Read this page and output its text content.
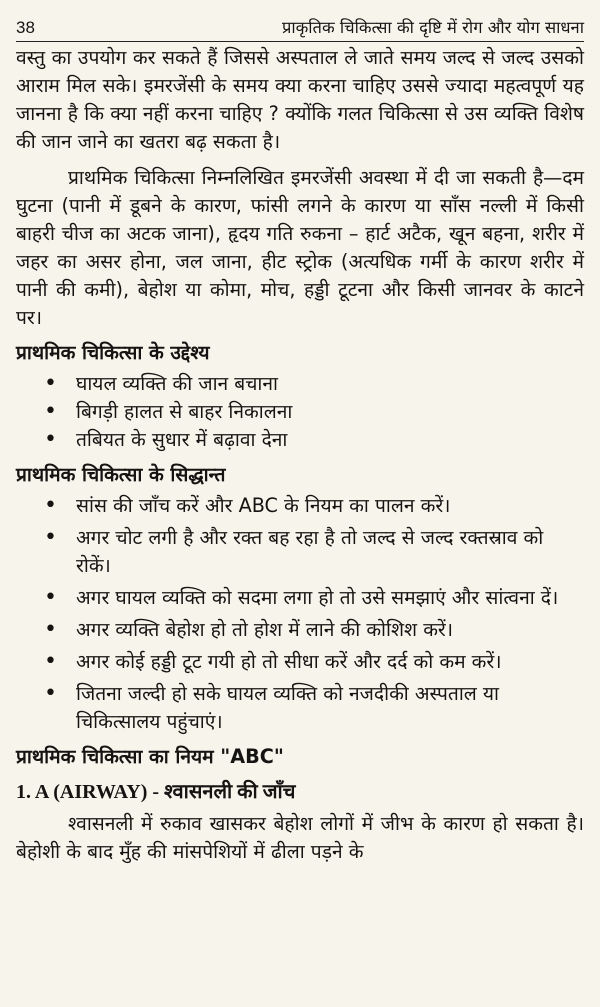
38	प्राकृतिक चिकित्सा की दृष्टि में रोग और योग साधना

वस्तु का उपयोग कर सकते हैं जिससे अस्पताल ले जाते समय जल्द से जल्द उसको आराम मिल सके। इमरजेंसी के समय क्या करना चाहिए उससे ज्यादा महत्वपूर्ण यह जानना है कि क्या नहीं करना चाहिए ? क्योंकि गलत चिकित्सा से उस व्यक्ति विशेष की जान जाने का खतरा बढ़ सकता है।

प्राथमिक चिकित्सा निम्नलिखित इमरजेंसी अवस्था में दी जा सकती है—दम घुटना (पानी में डूबने के कारण, फांसी लगने के कारण या साँस नल्ली में किसी बाहरी चीज का अटक जाना), हृदय गति रुकना – हार्ट अटैक, खून बहना, शरीर में जहर का असर होना, जल जाना, हीट स्ट्रोक (अत्यधिक गर्मी के कारण शरीर में पानी की कमी), बेहोश या कोमा, मोच, हड्डी टूटना और किसी जानवर के काटने पर।

प्राथमिक चिकित्सा के उद्देश्य
• घायल व्यक्ति की जान बचाना
• बिगड़ी हालत से बाहर निकालना
• तबियत के सुधार में बढ़ावा देना
प्राथमिक चिकित्सा के सिद्धान्त
• सांस की जाँच करें और ABC के नियम का पालन करें।
• अगर चोट लगी है और रक्त बह रहा है तो जल्द से जल्द रक्तस्राव को रोकें।
• अगर घायल व्यक्ति को सदमा लगा हो तो उसे समझाएं और सांत्वना दें।
• अगर व्यक्ति बेहोश हो तो होश में लाने की कोशिश करें।
• अगर कोई हड्डी टूट गयी हो तो सीधा करें और दर्द को कम करें।
• जितना जल्दी हो सके घायल व्यक्ति को नजदीकी अस्पताल या चिकित्सालय पहुंचाएं।
प्राथमिक चिकित्सा का नियम "ABC"
1. A (AIRWAY) - श्वासनली की जाँच

श्वासनली में रुकाव खासकर बेहोश लोगों में जीभ के कारण हो सकता है। बेहोशी के बाद मुँह की मांसपेशियों में ढीला पड़ने के
